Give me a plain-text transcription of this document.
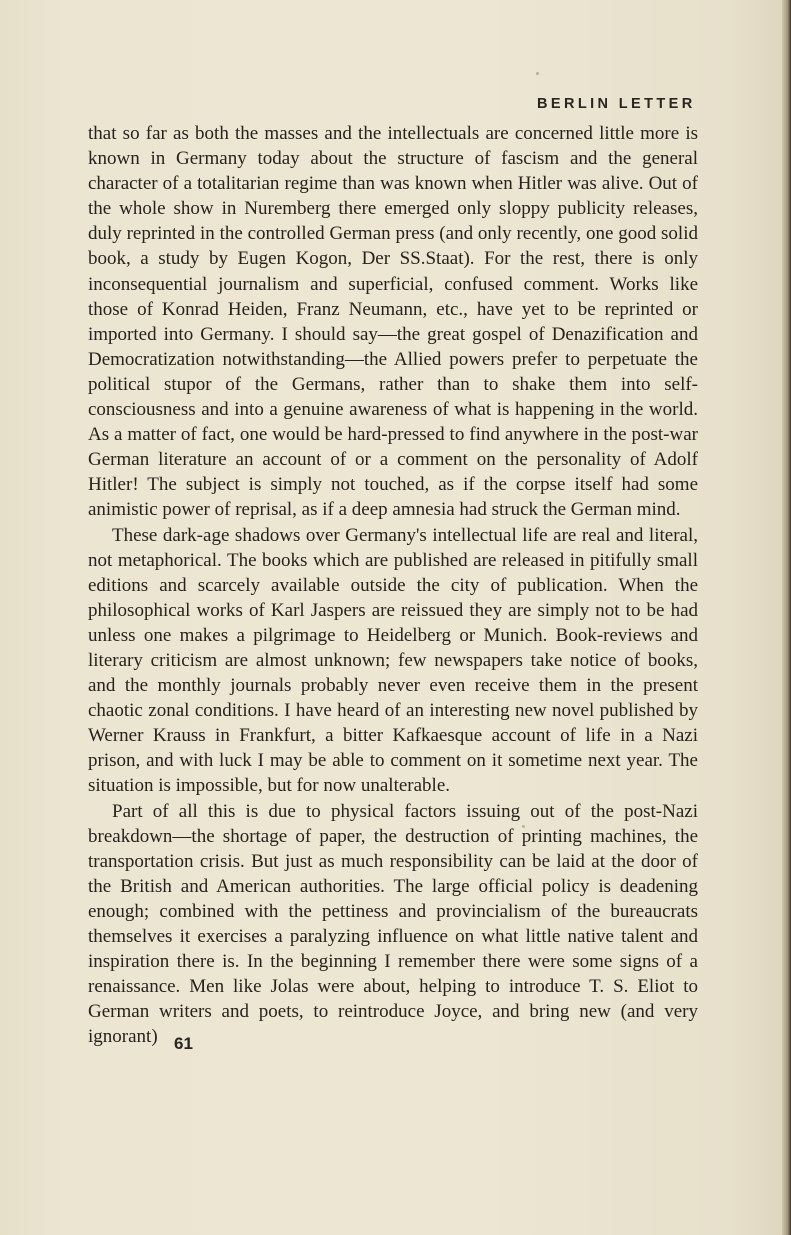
BERLIN LETTER

that so far as both the masses and the intellectuals are concerned little more is known in Germany today about the structure of fascism and the general character of a totalitarian regime than was known when Hitler was alive. Out of the whole show in Nuremberg there emerged only sloppy publicity releases, duly reprinted in the controlled German press (and only recently, one good solid book, a study by Eugen Kogon, Der SS.Staat). For the rest, there is only inconsequential journalism and superficial, confused comment. Works like those of Konrad Heiden, Franz Neumann, etc., have yet to be reprinted or imported into Germany. I should say—the great gospel of Denazification and Democratization notwithstanding—the Allied powers prefer to perpetuate the political stupor of the Germans, rather than to shake them into self-consciousness and into a genuine awareness of what is happening in the world. As a matter of fact, one would be hard-pressed to find anywhere in the post-war German literature an account of or a comment on the personality of Adolf Hitler! The subject is simply not touched, as if the corpse itself had some animistic power of reprisal, as if a deep amnesia had struck the German mind.

These dark-age shadows over Germany's intellectual life are real and literal, not metaphorical. The books which are published are released in pitifully small editions and scarcely available outside the city of publication. When the philosophical works of Karl Jaspers are reissued they are simply not to be had unless one makes a pilgrimage to Heidelberg or Munich. Book-reviews and literary criticism are almost unknown; few newspapers take notice of books, and the monthly journals probably never even receive them in the present chaotic zonal conditions. I have heard of an interesting new novel published by Werner Krauss in Frankfurt, a bitter Kafkaesque account of life in a Nazi prison, and with luck I may be able to comment on it sometime next year. The situation is impossible, but for now unalterable.

Part of all this is due to physical factors issuing out of the post-Nazi breakdown—the shortage of paper, the destruction of printing machines, the transportation crisis. But just as much responsibility can be laid at the door of the British and American authorities. The large official policy is deadening enough; combined with the pettiness and provincialism of the bureaucrats themselves it exercises a paralyzing influence on what little native talent and inspiration there is. In the beginning I remember there were some signs of a renaissance. Men like Jolas were about, helping to introduce T. S. Eliot to German writers and poets, to reintroduce Joyce, and bring new (and very ignorant) 61
